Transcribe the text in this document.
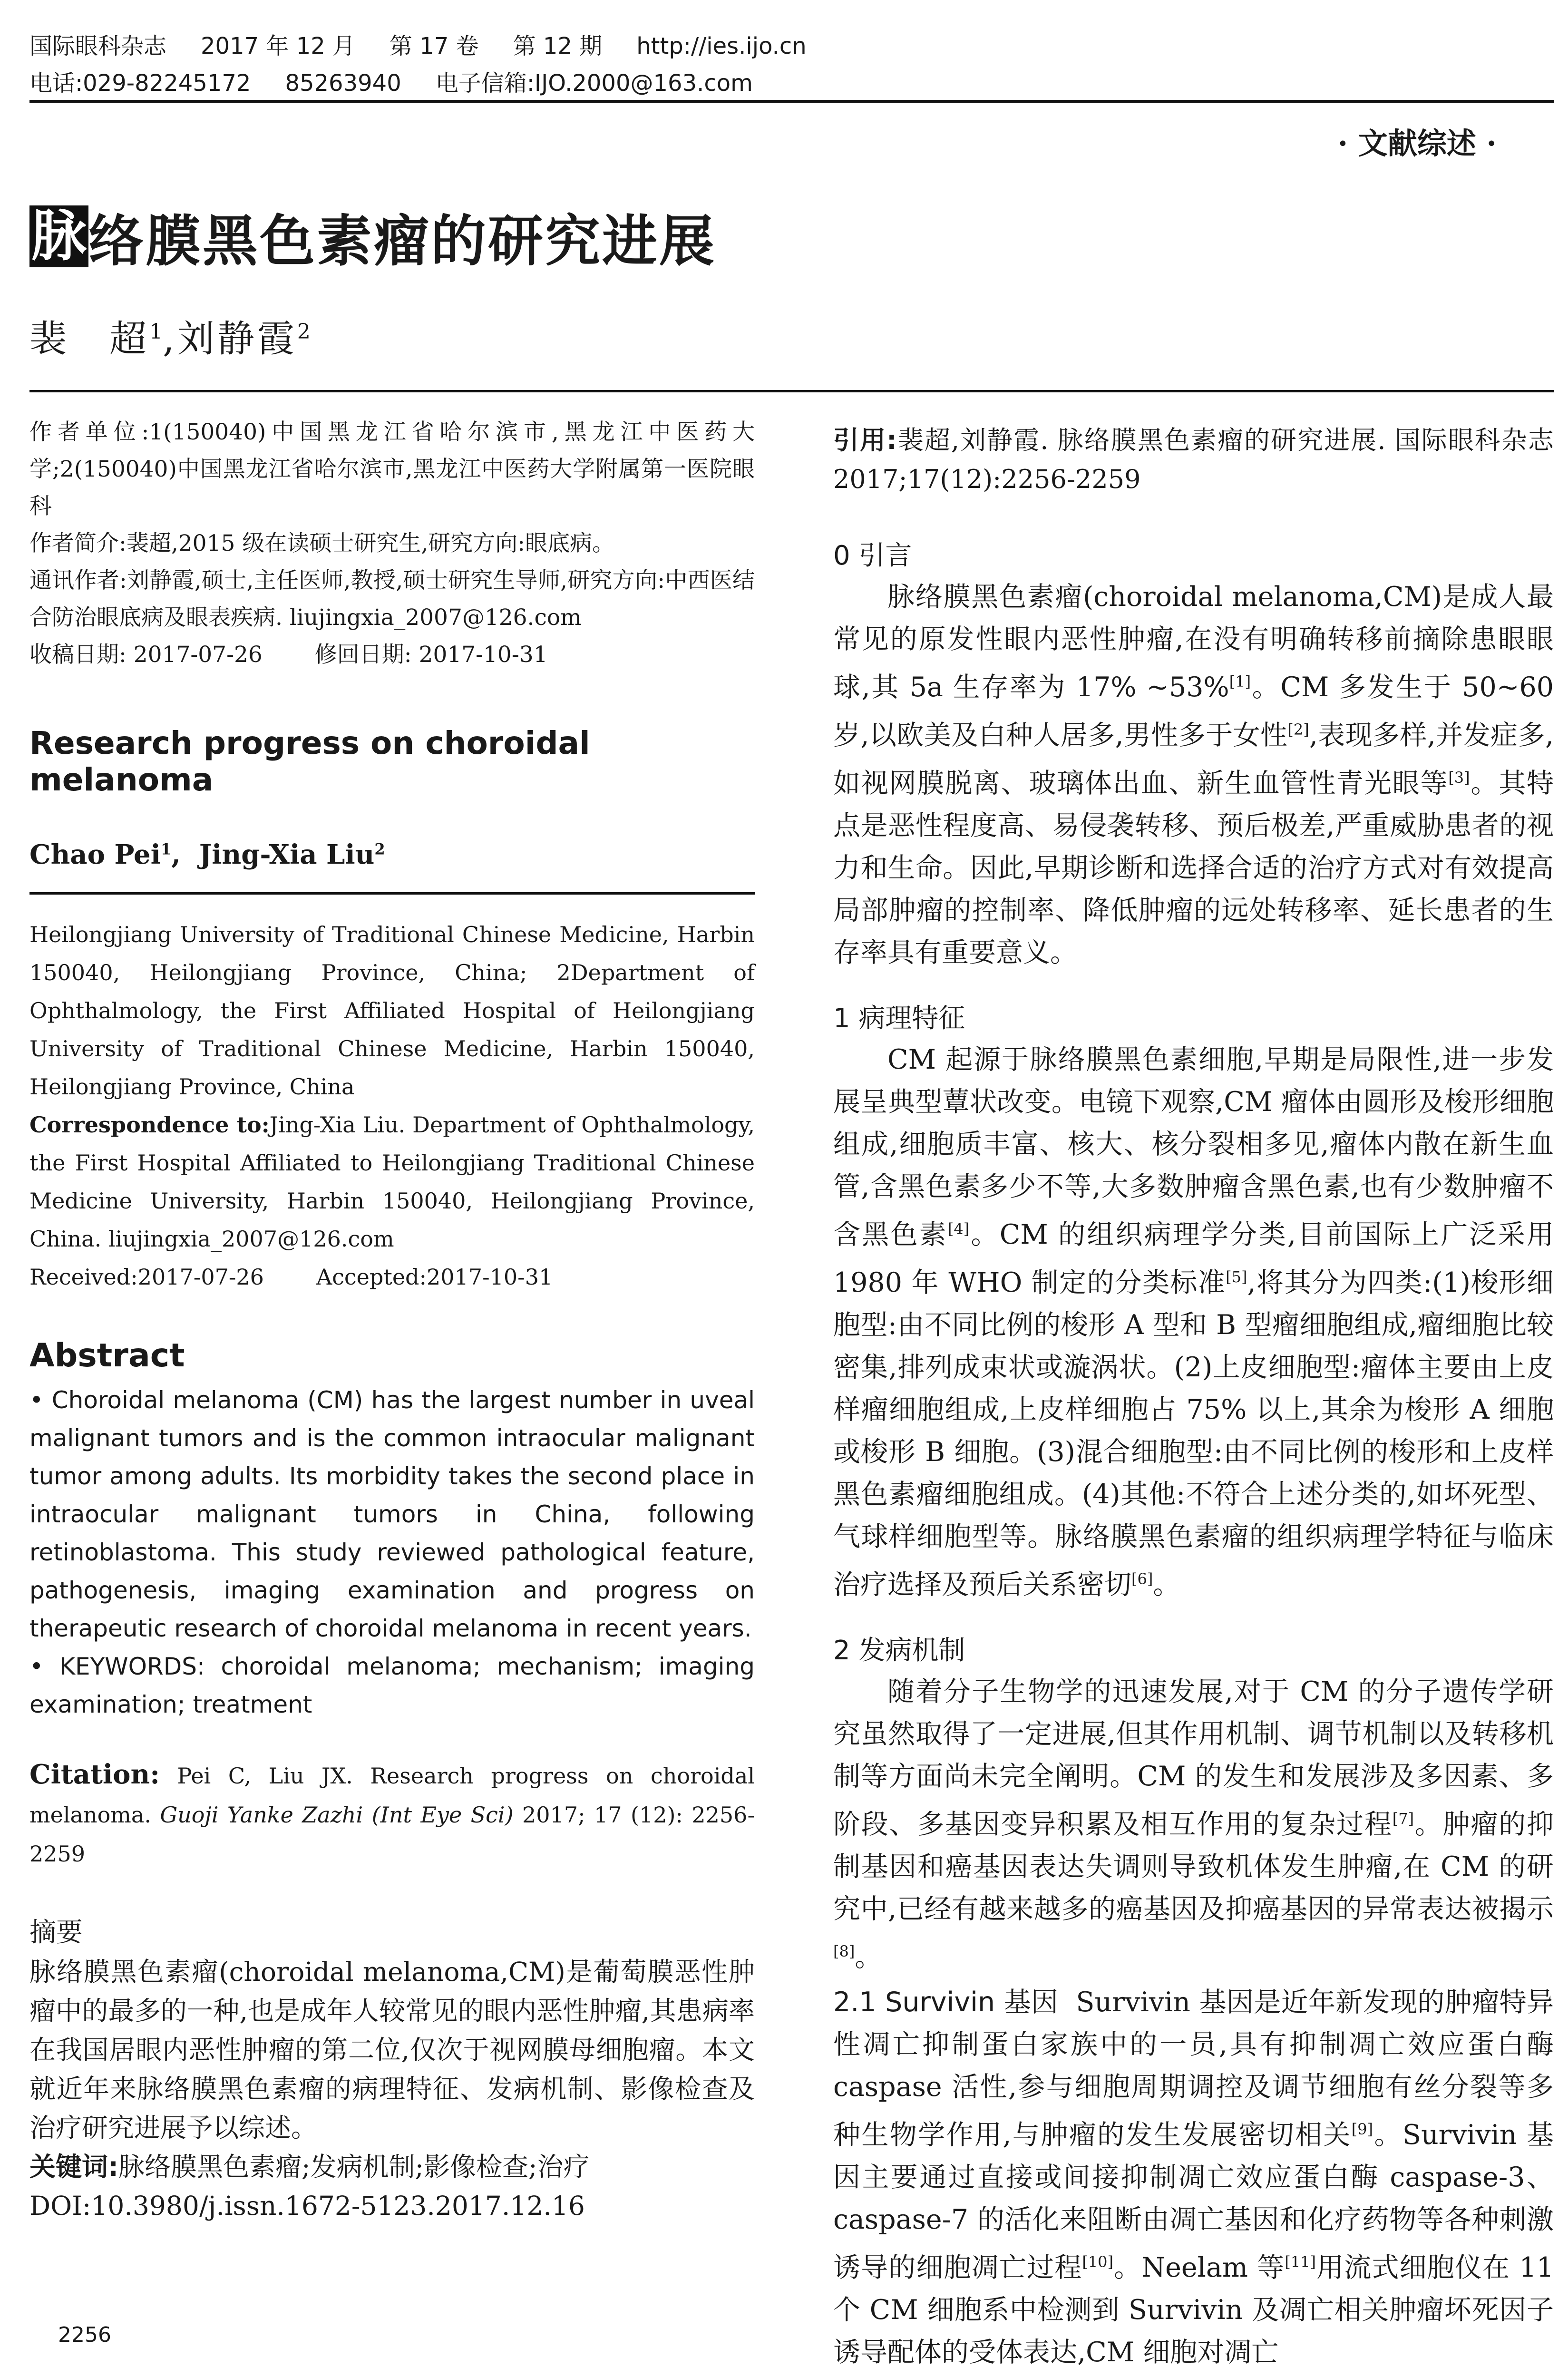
国际眼科杂志 2017 年 12 月 第 17 卷 第 12 期 http://ies.ijo.cn
电话:029-82245172 85263940 电子信箱:IJO.2000@163.com
· 文献综述 ·
脉 络膜黑色素瘤的研究进展
裴　超$^1$,刘静霞$^2$

作者单位:1(150040)中国黑龙江省哈尔滨市,黑龙江中医药大学;2(150040)中国黑龙江省哈尔滨市,黑龙江中医药大学附属第一医院眼科

作者简介:裴超,2015 级在读硕士研究生,研究方向:眼底病。

通讯作者:刘静霞,硕士,主任医师,教授,硕士研究生导师,研究方向:中西医结合防治眼底病及眼表疾病. liujingxia_2007@126.com

收稿日期: 2017-07-26 修回日期: 2017-10-31

Research progress on choroidal melanoma
Chao Pei$^1$,  Jing-Xia Liu$^2$

Heilongjiang University of Traditional Chinese Medicine, Harbin 150040, Heilongjiang Province, China; 2Department of Ophthalmology, the First Affiliated Hospital of Heilongjiang University of Traditional Chinese Medicine, Harbin 150040, Heilongjiang Province, China

Correspondence to:Jing-Xia Liu. Department of Ophthalmology, the First Hospital Affiliated to Heilongjiang Traditional Chinese Medicine University, Harbin 150040, Heilongjiang Province, China. liujingxia_2007@126.com

Received:2017-07-26 Accepted:2017-10-31

Abstract

• Choroidal melanoma (CM) has the largest number in uveal malignant tumors and is the common intraocular malignant tumor among adults. Its morbidity takes the second place in intraocular malignant tumors in China, following retinoblastoma. This study reviewed pathological feature, pathogenesis, imaging examination and progress on therapeutic research of choroidal melanoma in recent years.

• KEYWORDS: choroidal melanoma; mechanism; imaging examination; treatment

Citation: Pei C, Liu JX. Research progress on choroidal melanoma. Guoji Yanke Zazhi (Int Eye Sci) 2017; 17 (12): 2256-2259
摘要

脉络膜黑色素瘤(choroidal melanoma,CM)是葡萄膜恶性肿瘤中的最多的一种,也是成年人较常见的眼内恶性肿瘤,其患病率在我国居眼内恶性肿瘤的第二位,仅次于视网膜母细胞瘤。本文就近年来脉络膜黑色素瘤的病理特征、发病机制、影像检查及治疗研究进展予以综述。

关键词:脉络膜黑色素瘤;发病机制;影像检查;治疗

DOI:10.3980/j.issn.1672-5123.2017.12.16

2256
引用:裴超,刘静霞. 脉络膜黑色素瘤的研究进展. 国际眼科杂志 2017;17(12):2256-2259
0 引言

脉络膜黑色素瘤(choroidal melanoma,CM)是成人最常见的原发性眼内恶性肿瘤,在没有明确转移前摘除患眼眼球,其 5a 生存率为 17% ~53%[1]。CM 多发生于 50~60岁,以欧美及白种人居多,男性多于女性[2],表现多样,并发症多,如视网膜脱离、玻璃体出血、新生血管性青光眼等[3]。其特点是恶性程度高、易侵袭转移、预后极差,严重威胁患者的视力和生命。因此,早期诊断和选择合适的治疗方式对有效提高局部肿瘤的控制率、降低肿瘤的远处转移率、延长患者的生存率具有重要意义。

1 病理特征

CM 起源于脉络膜黑色素细胞,早期是局限性,进一步发展呈典型蕈状改变。电镜下观察,CM 瘤体由圆形及梭形细胞组成,细胞质丰富、核大、核分裂相多见,瘤体内散在新生血管,含黑色素多少不等,大多数肿瘤含黑色素,也有少数肿瘤不含黑色素[4]。CM 的组织病理学分类,目前国际上广泛采用 1980 年 WHO 制定的分类标准[5],将其分为四类:(1)梭形细胞型:由不同比例的梭形 A 型和 B 型瘤细胞组成,瘤细胞比较密集,排列成束状或漩涡状。(2)上皮细胞型:瘤体主要由上皮样瘤细胞组成,上皮样细胞占 75% 以上,其余为梭形 A 细胞或梭形 B 细胞。(3)混合细胞型:由不同比例的梭形和上皮样黑色素瘤细胞组成。(4)其他:不符合上述分类的,如坏死型、气球样细胞型等。脉络膜黑色素瘤的组织病理学特征与临床治疗选择及预后关系密切[6]。

2 发病机制

随着分子生物学的迅速发展,对于 CM 的分子遗传学研究虽然取得了一定进展,但其作用机制、调节机制以及转移机制等方面尚未完全阐明。CM 的发生和发展涉及多因素、多阶段、多基因变异积累及相互作用的复杂过程[7]。肿瘤的抑制基因和癌基因表达失调则导致机体发生肿瘤,在 CM 的研究中,已经有越来越多的癌基因及抑癌基因的异常表达被揭示[8]。

2.1 Survivin 基因 Survivin 基因是近年新发现的肿瘤特异性凋亡抑制蛋白家族中的一员,具有抑制凋亡效应蛋白酶 caspase 活性,参与细胞周期调控及调节细胞有丝分裂等多种生物学作用,与肿瘤的发生发展密切相关[9]。Survivin 基因主要通过直接或间接抑制凋亡效应蛋白酶 caspase-3、caspase-7 的活化来阻断由凋亡基因和化疗药物等各种刺激诱导的细胞凋亡过程[10]。Neelam 等[11]用流式细胞仪在 11 个 CM 细胞系中检测到 Survivin 及凋亡相关肿瘤坏死因子诱导配体的受体表达,CM 细胞对凋亡
